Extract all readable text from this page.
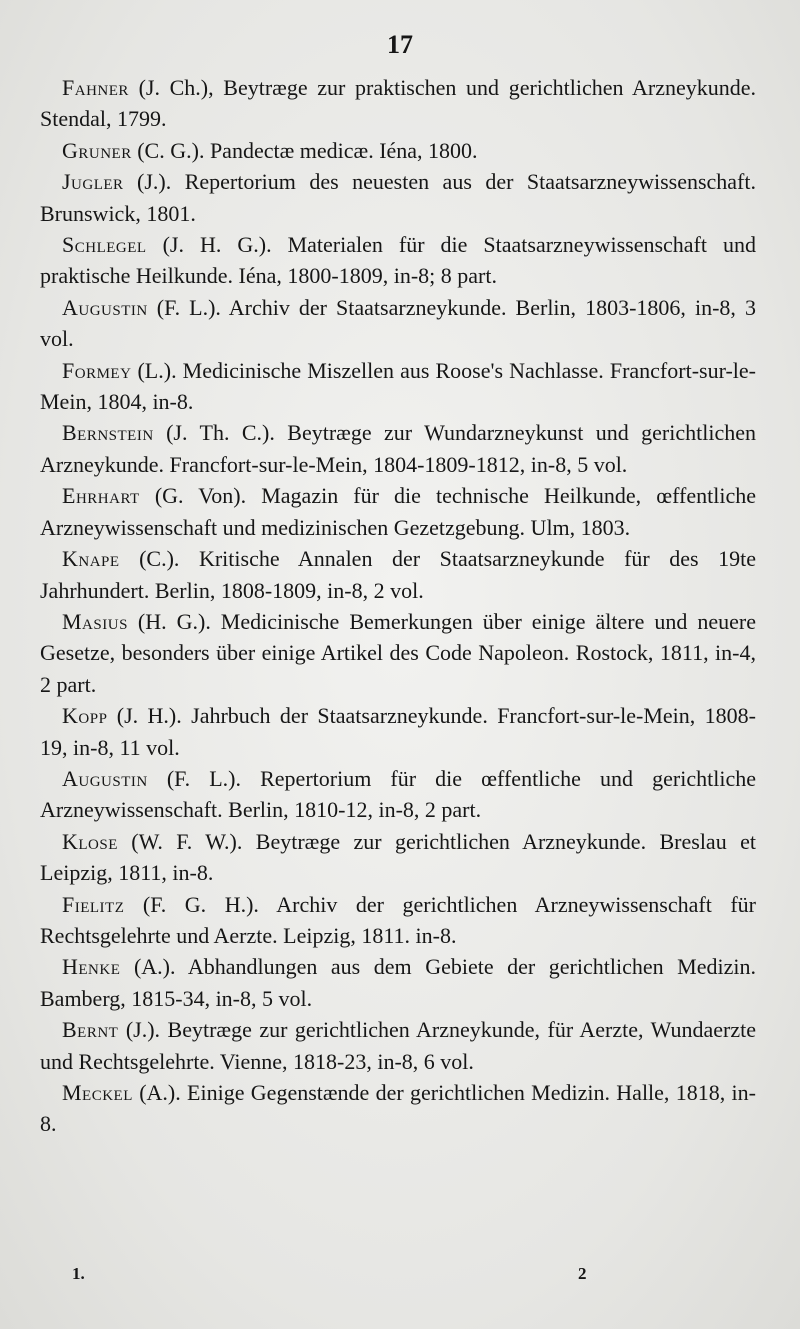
17

Fahner (J. Ch.), Beytræge zur praktischen und gerichtlichen Arzneykunde. Stendal, 1799.

Gruner (C. G.). Pandectæ medicæ. Iéna, 1800.

Jugler (J.). Repertorium des neuesten aus der Staatsarzneywissenschaft. Brunswick, 1801.

Schlegel (J. H. G.). Materialen für die Staatsarzneywissenschaft und praktische Heilkunde. Iéna, 1800-1809, in-8; 8 part.

Augustin (F. L.). Archiv der Staatsarzneykunde. Berlin, 1803-1806, in-8, 3 vol.

Formey (L.). Medicinische Miszellen aus Roose's Nachlasse. Francfort-sur-le-Mein, 1804, in-8.

Bernstein (J. Th. C.). Beytræge zur Wundarzneykunst und gerichtlichen Arzneykunde. Francfort-sur-le-Mein, 1804-1809-1812, in-8, 5 vol.

Ehrhart (G. Von). Magazin für die technische Heilkunde, œffentliche Arzneywissenschaft und medizinischen Gezetzgebung. Ulm, 1803.

Knape (C.). Kritische Annalen der Staatsarzneykunde für des 19te Jahrhundert. Berlin, 1808-1809, in-8, 2 vol.

Masius (H. G.). Medicinische Bemerkungen über einige ältere und neuere Gesetze, besonders über einige Artikel des Code Napoleon. Rostock, 1811, in-4, 2 part.

Kopp (J. H.). Jahrbuch der Staatsarzneykunde. Francfort-sur-le-Mein, 1808-19, in-8, 11 vol.

Augustin (F. L.). Repertorium für die œffentliche und gerichtliche Arzneywissenschaft. Berlin, 1810-12, in-8, 2 part.

Klose (W. F. W.). Beytræge zur gerichtlichen Arzneykunde. Breslau et Leipzig, 1811, in-8.

Fielitz (F. G. H.). Archiv der gerichtlichen Arzneywissenschaft für Rechtsgelehrte und Aerzte. Leipzig, 1811. in-8.

Henke (A.). Abhandlungen aus dem Gebiete der gerichtlichen Medizin. Bamberg, 1815-34, in-8, 5 vol.

Bernt (J.). Beytræge zur gerichtlichen Arzneykunde, für Aerzte, Wundaerzte und Rechtsgelehrte. Vienne, 1818-23, in-8, 6 vol.

Meckel (A.). Einige Gegenstænde der gerichtlichen Medizin. Halle, 1818, in-8.

1.	2
